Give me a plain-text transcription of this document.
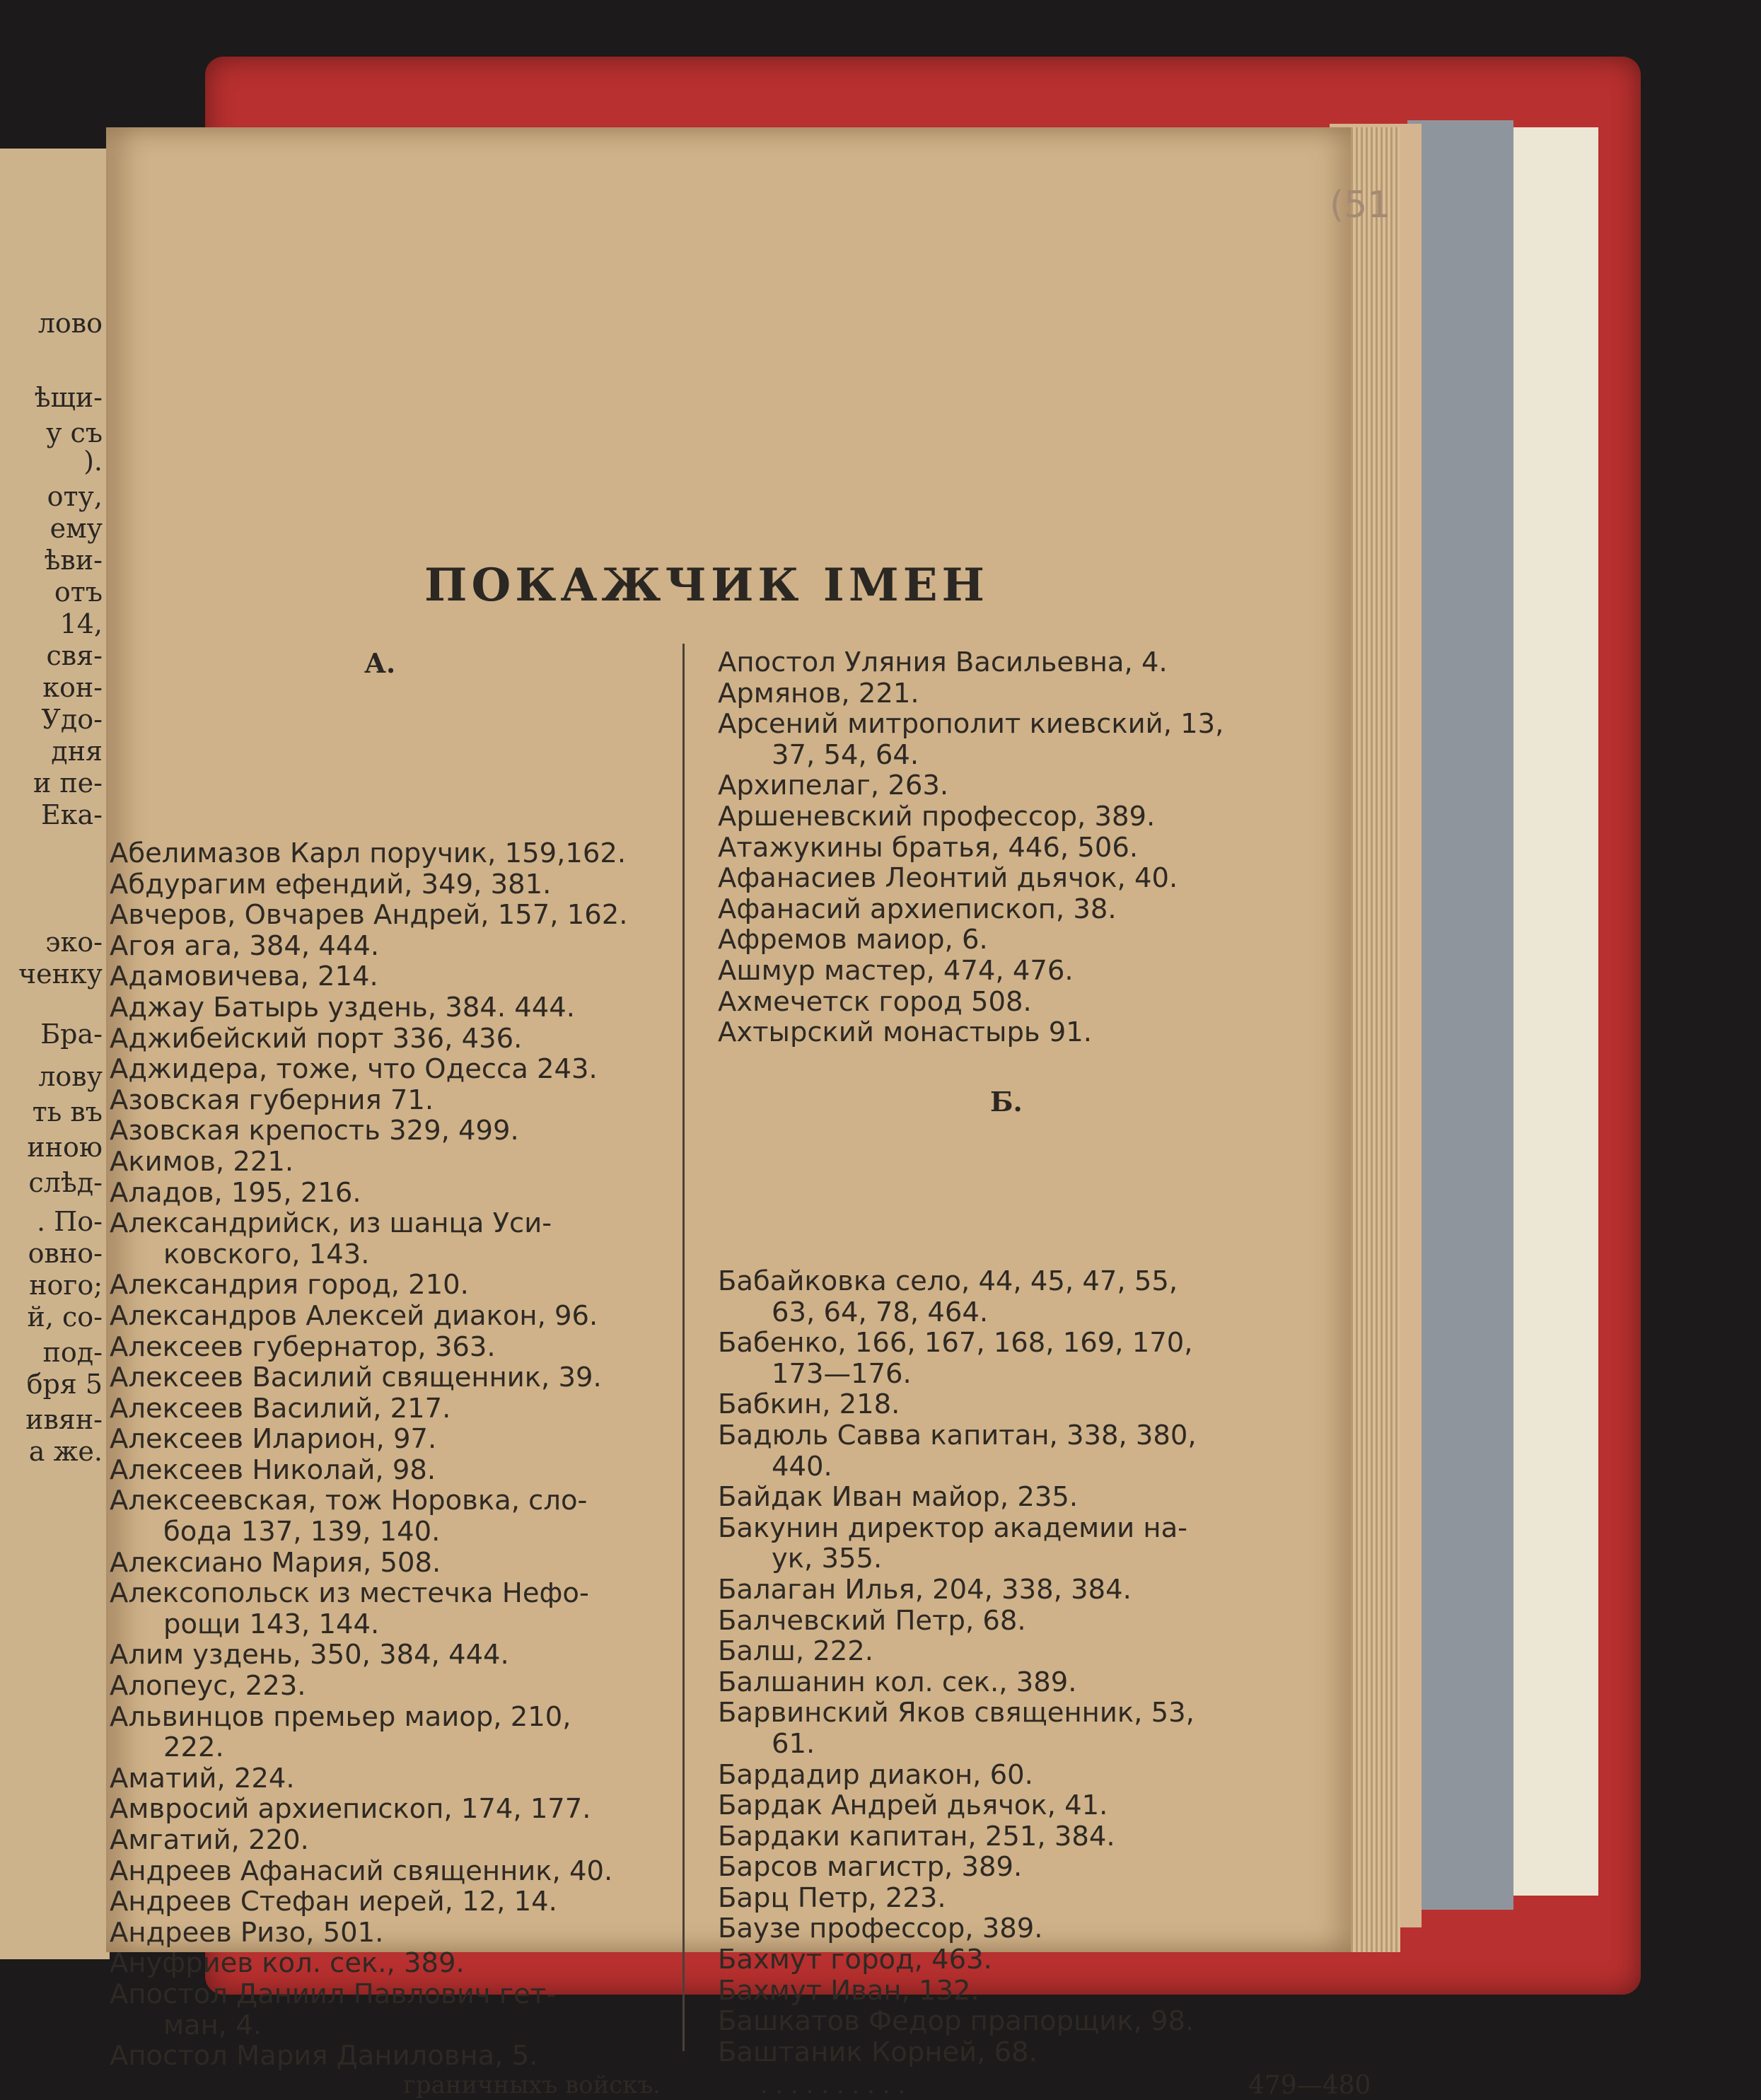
лово
ѣщи-
у съ
).
оту,
ему
ѣви-
отъ
14,
свя-
кон-
Удо-
дня
и пе-
Ека-
эко-
ченку
Бра-
лову
ть въ
иною
слѣд-
. По-
овно-
ного;
й, со-
под-
бря 5
ивян-
а же.
ПОКАЖЧИК ІМЕН
А.
Абелимазов Карл поручик, 159,162.
Абдурагим ефендий, 349, 381.
Авчеров, Овчарев Андрей, 157, 162.
Агоя ага, 384, 444.
Адамовичева, 214.
Аджау Батырь уздень, 384. 444.
Аджибейский порт 336, 436.
Аджидера, тоже, что Одесса 243.
Азовская губерния 71.
Азовская крепость 329, 499.
Акимов, 221.
Аладов, 195, 216.
Александрийск, из шанца Уси-
ковского, 143.
Александрия город, 210.
Александров Алексей диакон, 96.
Алексеев губернатор, 363.
Алексеев Василий священник, 39.
Алексеев Василий, 217.
Алексеев Иларион, 97.
Алексеев Николай, 98.
Алексеевская, тож Норовка, сло-
бода 137, 139, 140.
Алексиано Мария, 508.
Алексопольск из местечка Нефо-
рощи 143, 144.
Алим уздень, 350, 384, 444.
Алопеус, 223.
Альвинцов премьер маиор, 210,
222.
Аматий, 224.
Амвросий архиепископ, 174, 177.
Амгатий, 220.
Андреев Афанасий священник, 40.
Андреев Стефан иерей, 12, 14.
Андреев Ризо, 501.
Ануфриев кол. сек., 389.
Апостол Даниил Павлович гет-
ман, 4.
Апостол Мария Даниловна, 5.
Апостол Уляния Васильевна, 4.
Армянов, 221.
Арсений митрополит киевский, 13,
37, 54, 64.
Архипелаг, 263.
Аршеневский профессор, 389.
Атажукины братья, 446, 506.
Афанасиев Леонтий дьячок, 40.
Афанасий архиепископ, 38.
Афремов маиор, 6.
Ашмур мастер, 474, 476.
Ахмечетск город 508.
Ахтырский монастырь 91.
Б.
Бабайковка село, 44, 45, 47, 55,
63, 64, 78, 464.
Бабенко, 166, 167, 168, 169, 170,
173—176.
Бабкин, 218.
Бадюль Савва капитан, 338, 380,
440.
Байдак Иван майор, 235.
Бакунин директор академии на-
ук, 355.
Балаган Илья, 204, 338, 384.
Балчевский Петр, 68.
Балш, 222.
Балшанин кол. сек., 389.
Барвинский Яков священник, 53,
61.
Бардадир диакон, 60.
Бардак Андрей дьячок, 41.
Бардаки капитан, 251, 384.
Барсов магистр, 389.
Барц Петр, 223.
Баузе профессор, 389.
Бахмут город, 463.
Бахмут Иван, 132.
Башкатов Федор прапорщик, 98.
Баштаник Корней, 68.
граничныхъ войскъ.	. . . . . . . . . .	479—480
(51
